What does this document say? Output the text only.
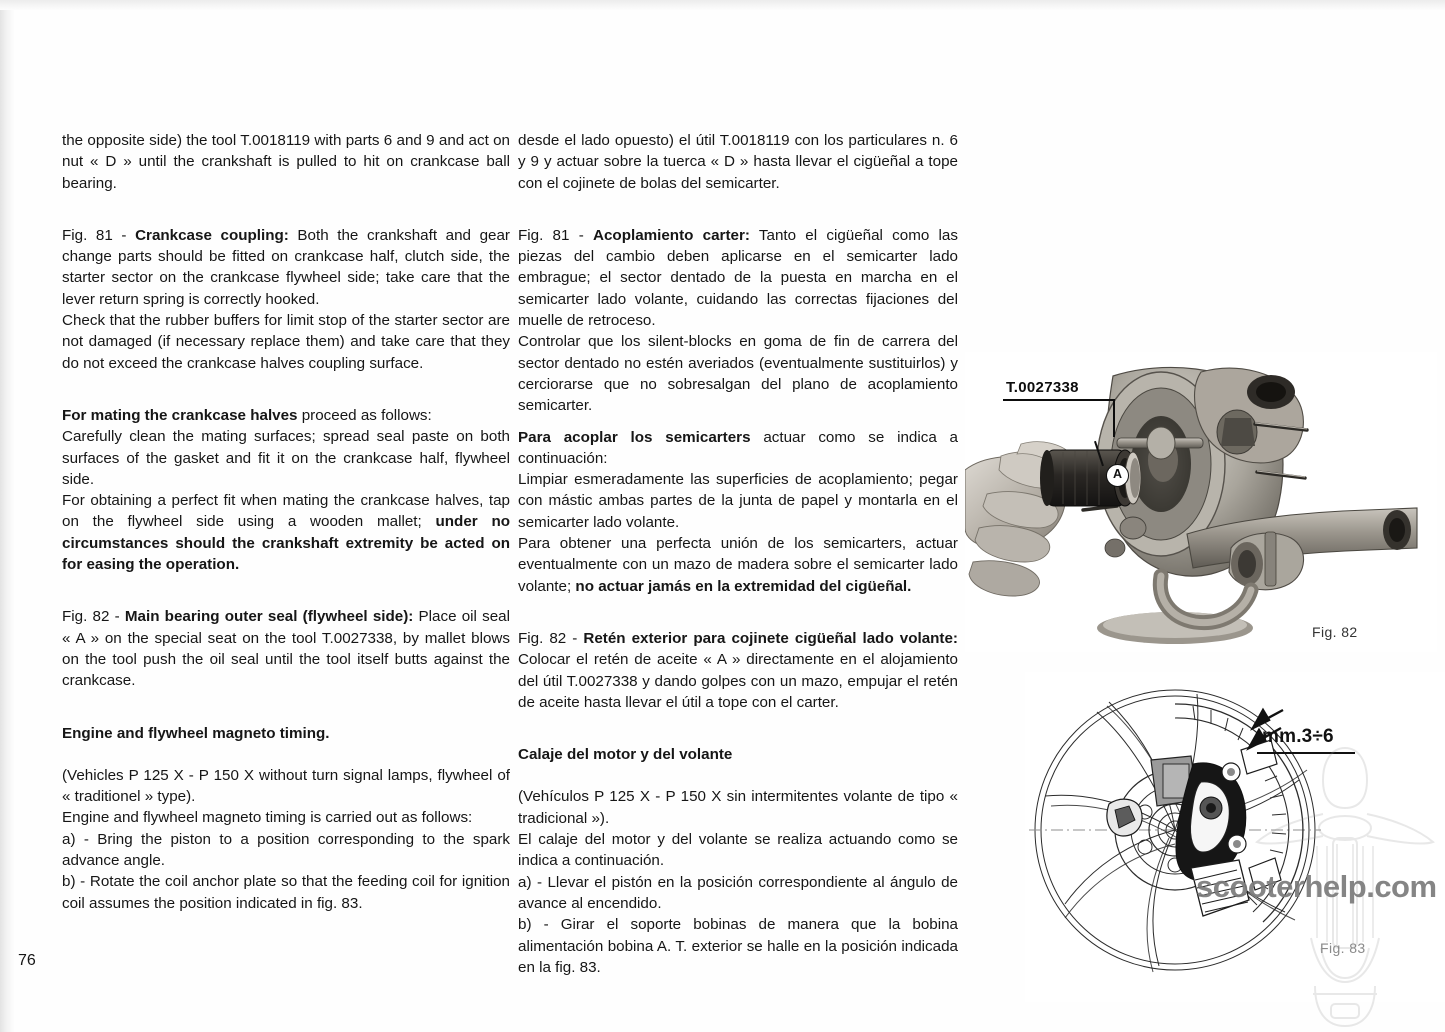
the opposite side) the tool T.0018119 with parts 6 and 9 and act on nut « D » until the crankshaft is pulled to hit on crankcase ball bearing.

Fig. 81 - Crankcase coupling: Both the crankshaft and gear change parts should be fitted on crankcase half, clutch side, the starter sector on the crankcase flywheel side; take care that the lever return spring is correctly hooked.

Check that the rubber buffers for limit stop of the starter sector are not damaged (if necessary replace them) and take care that they do not exceed the crankcase halves coupling surface.

For mating the crankcase halves proceed as follows:

Carefully clean the mating surfaces; spread seal paste on both surfaces of the gasket and fit it on the crankcase half, flywheel side.

For obtaining a perfect fit when mating the crankcase halves, tap on the flywheel side using a wooden mallet; under no circumstances should the crankshaft extremity be acted on for easing the operation.

Fig. 82 - Main bearing outer seal (flywheel side): Place oil seal « A » on the special seat on the tool T.0027338, by mallet blows on the tool push the oil seal until the tool itself butts against the crankcase.

Engine and flywheel magneto timing.

(Vehicles P 125 X - P 150 X without turn signal lamps, flywheel of « traditionel » type).

Engine and flywheel magneto timing is carried out as follows:

a) - Bring the piston to a position corresponding to the spark advance angle.

b) - Rotate the coil anchor plate so that the feeding coil for ignition coil assumes the position indicated in fig. 83.

desde el lado opuesto) el útil T.0018119 con los particulares n. 6 y 9 y actuar sobre la tuerca « D » hasta llevar el cigüeñal a tope con el cojinete de bolas del semicarter.

Fig. 81 - Acoplamiento carter: Tanto el cigüeñal como las piezas del cambio deben aplicarse en el semicarter lado embrague; el sector dentado de la puesta en marcha en el semicarter lado volante, cuidando las correctas fijaciones del muelle de retroceso.

Controlar que los silent-blocks en goma de fin de carrera del sector dentado no estén averiados (eventualmente sustituirlos) y cerciorarse que no sobresalgan del plano de acoplamiento semicarter.

Para acoplar los semicarters actuar como se indica a continuación:

Limpiar esmeradamente las superficies de acoplamiento; pegar con mástic ambas partes de la junta de papel y montarla en el semicarter lado volante.

Para obtener una perfecta unión de los semicarters, actuar eventualmente con un mazo de madera sobre el semicarter lado volante; no actuar jamás en la extremidad del cigüeñal.

Fig. 82 - Retén exterior para cojinete cigüeñal lado volante: Colocar el retén de aceite « A » directamente en el alojamiento del útil T.0027338 y dando golpes con un mazo, empujar el retén de aceite hasta llevar el útil a tope con el carter.

Calaje del motor y del volante

(Vehículos P 125 X - P 150 X sin intermitentes volante de tipo « tradicional »).

El calaje del motor y del volante se realiza actuando como se indica a continuación.

a) - Llevar el pistón en la posición correspondiente al ángulo de avance al encendido.

b) - Girar el soporte bobinas de manera que la bobina alimentación bobina A. T. exterior se halle en la posición indicada en la fig. 83.

76
T.0027338
A
Fig. 82
mm.3÷6
scooterhelp.com
Fig. 83
